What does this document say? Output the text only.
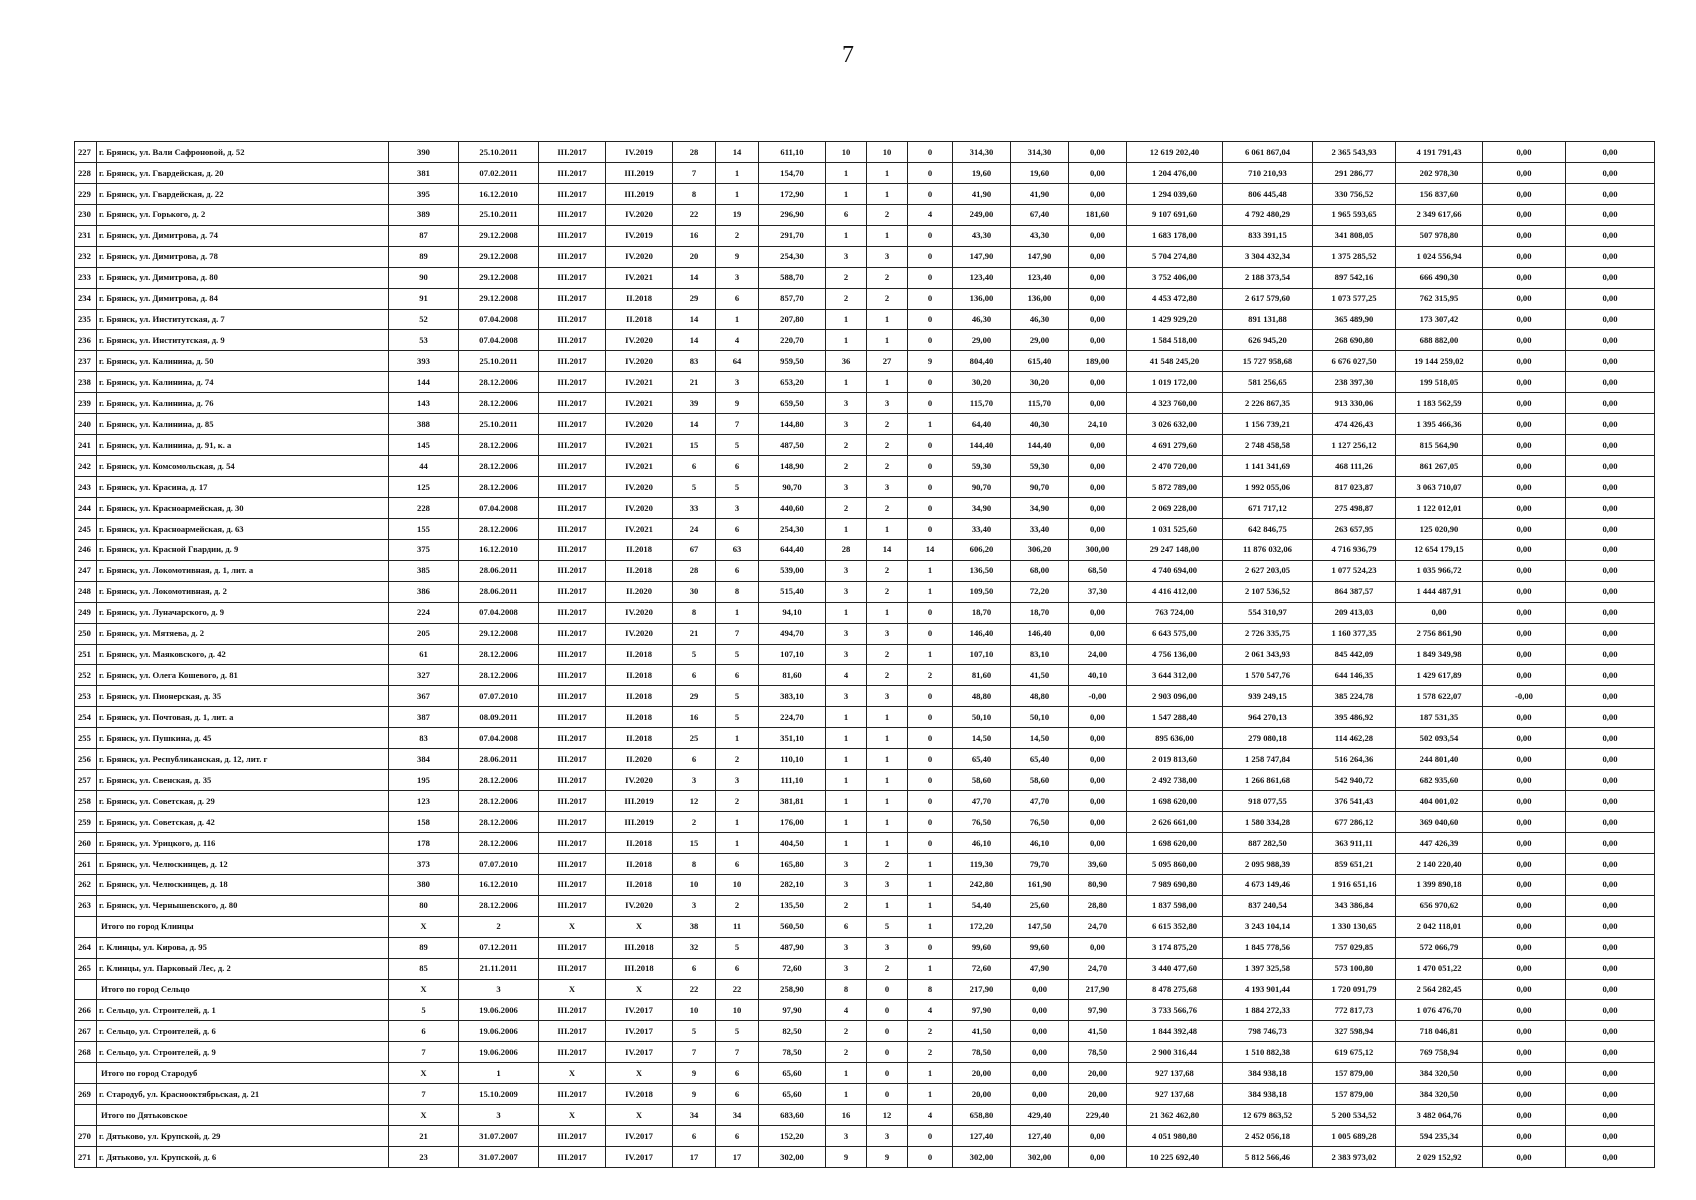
7
227	г. Брянск, ул. Вали Сафроновой, д. 52	390	25.10.2011	III.2017	IV.2019	28	14	611,10	10	10	0	314,30	314,30	0,00	12 619 202,40	6 061 867,04	2 365 543,93	4 191 791,43	0,00	0,00
228	г. Брянск, ул. Гвардейская, д. 20	381	07.02.2011	III.2017	III.2019	7	1	154,70	1	1	0	19,60	19,60	0,00	1 204 476,00	710 210,93	291 286,77	202 978,30	0,00	0,00
229	г. Брянск, ул. Гвардейская, д. 22	395	16.12.2010	III.2017	III.2019	8	1	172,90	1	1	0	41,90	41,90	0,00	1 294 039,60	806 445,48	330 756,52	156 837,60	0,00	0,00
230	г. Брянск, ул. Горького, д. 2	389	25.10.2011	III.2017	IV.2020	22	19	296,90	6	2	4	249,00	67,40	181,60	9 107 691,60	4 792 480,29	1 965 593,65	2 349 617,66	0,00	0,00
231	г. Брянск, ул. Димитрова, д. 74	87	29.12.2008	III.2017	IV.2019	16	2	291,70	1	1	0	43,30	43,30	0,00	1 683 178,00	833 391,15	341 808,05	507 978,80	0,00	0,00
232	г. Брянск, ул. Димитрова, д. 78	89	29.12.2008	III.2017	IV.2020	20	9	254,30	3	3	0	147,90	147,90	0,00	5 704 274,80	3 304 432,34	1 375 285,52	1 024 556,94	0,00	0,00
233	г. Брянск, ул. Димитрова, д. 80	90	29.12.2008	III.2017	IV.2021	14	3	588,70	2	2	0	123,40	123,40	0,00	3 752 406,00	2 188 373,54	897 542,16	666 490,30	0,00	0,00
234	г. Брянск, ул. Димитрова, д. 84	91	29.12.2008	III.2017	II.2018	29	6	857,70	2	2	0	136,00	136,00	0,00	4 453 472,80	2 617 579,60	1 073 577,25	762 315,95	0,00	0,00
235	г. Брянск, ул. Институтская, д. 7	52	07.04.2008	III.2017	II.2018	14	1	207,80	1	1	0	46,30	46,30	0,00	1 429 929,20	891 131,88	365 489,90	173 307,42	0,00	0,00
236	г. Брянск, ул. Институтская, д. 9	53	07.04.2008	III.2017	IV.2020	14	4	220,70	1	1	0	29,00	29,00	0,00	1 584 518,00	626 945,20	268 690,80	688 882,00	0,00	0,00
237	г. Брянск, ул. Калинина, д. 50	393	25.10.2011	III.2017	IV.2020	83	64	959,50	36	27	9	804,40	615,40	189,00	41 548 245,20	15 727 958,68	6 676 027,50	19 144 259,02	0,00	0,00
238	г. Брянск, ул. Калинина, д. 74	144	28.12.2006	III.2017	IV.2021	21	3	653,20	1	1	0	30,20	30,20	0,00	1 019 172,00	581 256,65	238 397,30	199 518,05	0,00	0,00
239	г. Брянск, ул. Калинина, д. 76	143	28.12.2006	III.2017	IV.2021	39	9	659,50	3	3	0	115,70	115,70	0,00	4 323 760,00	2 226 867,35	913 330,06	1 183 562,59	0,00	0,00
240	г. Брянск, ул. Калинина, д. 85	388	25.10.2011	III.2017	IV.2020	14	7	144,80	3	2	1	64,40	40,30	24,10	3 026 632,00	1 156 739,21	474 426,43	1 395 466,36	0,00	0,00
241	г. Брянск, ул. Калинина, д. 91, к. а	145	28.12.2006	III.2017	IV.2021	15	5	487,50	2	2	0	144,40	144,40	0,00	4 691 279,60	2 748 458,58	1 127 256,12	815 564,90	0,00	0,00
242	г. Брянск, ул. Комсомольская, д. 54	44	28.12.2006	III.2017	IV.2021	6	6	148,90	2	2	0	59,30	59,30	0,00	2 470 720,00	1 141 341,69	468 111,26	861 267,05	0,00	0,00
243	г. Брянск, ул. Красина, д. 17	125	28.12.2006	III.2017	IV.2020	5	5	90,70	3	3	0	90,70	90,70	0,00	5 872 789,00	1 992 055,06	817 023,87	3 063 710,07	0,00	0,00
244	г. Брянск, ул. Красноармейская, д. 30	228	07.04.2008	III.2017	IV.2020	33	3	440,60	2	2	0	34,90	34,90	0,00	2 069 228,00	671 717,12	275 498,87	1 122 012,01	0,00	0,00
245	г. Брянск, ул. Красноармейская, д. 63	155	28.12.2006	III.2017	IV.2021	24	6	254,30	1	1	0	33,40	33,40	0,00	1 031 525,60	642 846,75	263 657,95	125 020,90	0,00	0,00
246	г. Брянск, ул. Красной Гвардии, д. 9	375	16.12.2010	III.2017	II.2018	67	63	644,40	28	14	14	606,20	306,20	300,00	29 247 148,00	11 876 032,06	4 716 936,79	12 654 179,15	0,00	0,00
247	г. Брянск, ул. Локомотивная, д. 1, лит. а	385	28.06.2011	III.2017	II.2018	28	6	539,00	3	2	1	136,50	68,00	68,50	4 740 694,00	2 627 203,05	1 077 524,23	1 035 966,72	0,00	0,00
248	г. Брянск, ул. Локомотивная, д. 2	386	28.06.2011	III.2017	II.2020	30	8	515,40	3	2	1	109,50	72,20	37,30	4 416 412,00	2 107 536,52	864 387,57	1 444 487,91	0,00	0,00
249	г. Брянск, ул. Луначарского, д. 9	224	07.04.2008	III.2017	IV.2020	8	1	94,10	1	1	0	18,70	18,70	0,00	763 724,00	554 310,97	209 413,03	0,00	0,00	0,00
250	г. Брянск, ул. Мятяева, д. 2	205	29.12.2008	III.2017	IV.2020	21	7	494,70	3	3	0	146,40	146,40	0,00	6 643 575,00	2 726 335,75	1 160 377,35	2 756 861,90	0,00	0,00
251	г. Брянск, ул. Маяковского, д. 42	61	28.12.2006	III.2017	II.2018	5	5	107,10	3	2	1	107,10	83,10	24,00	4 756 136,00	2 061 343,93	845 442,09	1 849 349,98	0,00	0,00
252	г. Брянск, ул. Олега Кошевого, д. 81	327	28.12.2006	III.2017	II.2018	6	6	81,60	4	2	2	81,60	41,50	40,10	3 644 312,00	1 570 547,76	644 146,35	1 429 617,89	0,00	0,00
253	г. Брянск, ул. Пионерская, д. 35	367	07.07.2010	III.2017	II.2018	29	5	383,10	3	3	0	48,80	48,80	-0,00	2 903 096,00	939 249,15	385 224,78	1 578 622,07	-0,00	0,00
254	г. Брянск, ул. Почтовая, д. 1, лит. а	387	08.09.2011	III.2017	II.2018	16	5	224,70	1	1	0	50,10	50,10	0,00	1 547 288,40	964 270,13	395 486,92	187 531,35	0,00	0,00
255	г. Брянск, ул. Пушкина, д. 45	83	07.04.2008	III.2017	II.2018	25	1	351,10	1	1	0	14,50	14,50	0,00	895 636,00	279 080,18	114 462,28	502 093,54	0,00	0,00
256	г. Брянск, ул. Республиканская, д. 12, лит. г	384	28.06.2011	III.2017	II.2020	6	2	110,10	1	1	0	65,40	65,40	0,00	2 019 813,60	1 258 747,84	516 264,36	244 801,40	0,00	0,00
257	г. Брянск, ул. Свенская, д. 35	195	28.12.2006	III.2017	IV.2020	3	3	111,10	1	1	0	58,60	58,60	0,00	2 492 738,00	1 266 861,68	542 940,72	682 935,60	0,00	0,00
258	г. Брянск, ул. Советская, д. 29	123	28.12.2006	III.2017	III.2019	12	2	381,81	1	1	0	47,70	47,70	0,00	1 698 620,00	918 077,55	376 541,43	404 001,02	0,00	0,00
259	г. Брянск, ул. Советская, д. 42	158	28.12.2006	III.2017	III.2019	2	1	176,00	1	1	0	76,50	76,50	0,00	2 626 661,00	1 580 334,28	677 286,12	369 040,60	0,00	0,00
260	г. Брянск, ул. Урицкого, д. 116	178	28.12.2006	III.2017	II.2018	15	1	404,50	1	1	0	46,10	46,10	0,00	1 698 620,00	887 282,50	363 911,11	447 426,39	0,00	0,00
261	г. Брянск, ул. Челюскинцев, д. 12	373	07.07.2010	III.2017	II.2018	8	6	165,80	3	2	1	119,30	79,70	39,60	5 095 860,00	2 095 988,39	859 651,21	2 140 220,40	0,00	0,00
262	г. Брянск, ул. Челюскинцев, д. 18	380	16.12.2010	III.2017	II.2018	10	10	282,10	3	3	1	242,80	161,90	80,90	7 989 690,80	4 673 149,46	1 916 651,16	1 399 890,18	0,00	0,00
263	г. Брянск, ул. Чернышевского, д. 80	80	28.12.2006	III.2017	IV.2020	3	2	135,50	2	1	1	54,40	25,60	28,80	1 837 598,00	837 240,54	343 386,84	656 970,62	0,00	0,00
	Итого по город Клинцы	X	2	X	X	38	11	560,50	6	5	1	172,20	147,50	24,70	6 615 352,80	3 243 104,14	1 330 130,65	2 042 118,01	0,00	0,00
264	г. Клинцы, ул. Кирова, д. 95	89	07.12.2011	III.2017	III.2018	32	5	487,90	3	3	0	99,60	99,60	0,00	3 174 875,20	1 845 778,56	757 029,85	572 066,79	0,00	0,00
265	г. Клинцы, ул. Парковый Лес, д. 2	85	21.11.2011	III.2017	III.2018	6	6	72,60	3	2	1	72,60	47,90	24,70	3 440 477,60	1 397 325,58	573 100,80	1 470 051,22	0,00	0,00
	Итого по город Сельцо	X	3	X	X	22	22	258,90	8	0	8	217,90	0,00	217,90	8 478 275,68	4 193 901,44	1 720 091,79	2 564 282,45	0,00	0,00
266	г. Сельцо, ул. Строителей, д. 1	5	19.06.2006	III.2017	IV.2017	10	10	97,90	4	0	4	97,90	0,00	97,90	3 733 566,76	1 884 272,33	772 817,73	1 076 476,70	0,00	0,00
267	г. Сельцо, ул. Строителей, д. 6	6	19.06.2006	III.2017	IV.2017	5	5	82,50	2	0	2	41,50	0,00	41,50	1 844 392,48	798 746,73	327 598,94	718 046,81	0,00	0,00
268	г. Сельцо, ул. Строителей, д. 9	7	19.06.2006	III.2017	IV.2017	7	7	78,50	2	0	2	78,50	0,00	78,50	2 900 316,44	1 510 882,38	619 675,12	769 758,94	0,00	0,00
	Итого по город Стародуб	X	1	X	X	9	6	65,60	1	0	1	20,00	0,00	20,00	927 137,68	384 938,18	157 879,00	384 320,50	0,00	0,00
269	г. Стародуб, ул. Краснооктябрьская, д. 21	7	15.10.2009	III.2017	IV.2018	9	6	65,60	1	0	1	20,00	0,00	20,00	927 137,68	384 938,18	157 879,00	384 320,50	0,00	0,00
	Итого по Дятьковское	X	3	X	X	34	34	683,60	16	12	4	658,80	429,40	229,40	21 362 462,80	12 679 863,52	5 200 534,52	3 482 064,76	0,00	0,00
270	г. Дятьково, ул. Крупской, д. 29	21	31.07.2007	III.2017	IV.2017	6	6	152,20	3	3	0	127,40	127,40	0,00	4 051 980,80	2 452 056,18	1 005 689,28	594 235,34	0,00	0,00
271	г. Дятьково, ул. Крупской, д. 6	23	31.07.2007	III.2017	IV.2017	17	17	302,00	9	9	0	302,00	302,00	0,00	10 225 692,40	5 812 566,46	2 383 973,02	2 029 152,92	0,00	0,00
